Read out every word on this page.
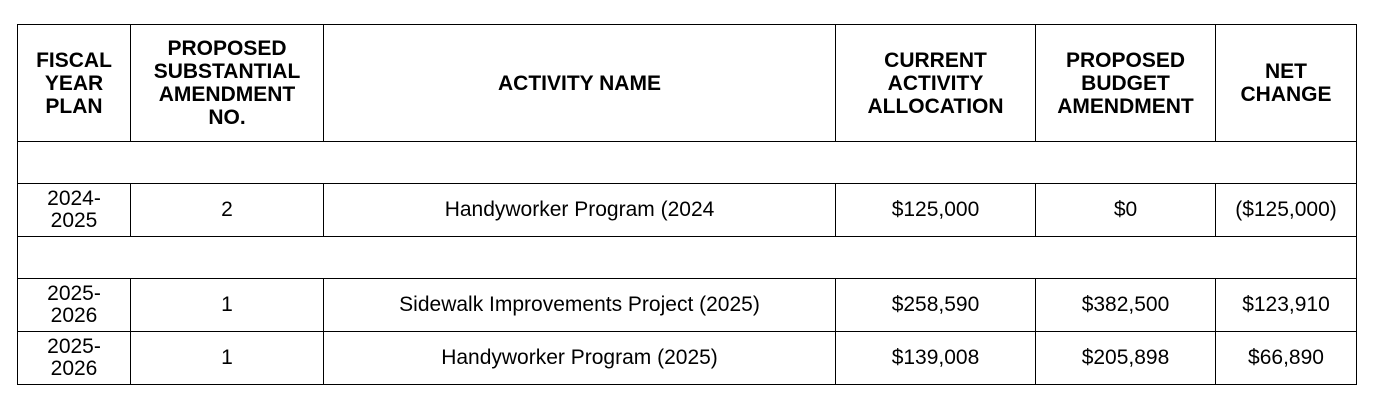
FISCAL YEAR PLAN	PROPOSED SUBSTANTIAL AMENDMENT NO.	ACTIVITY NAME	CURRENT ACTIVITY ALLOCATION	PROPOSED BUDGET AMENDMENT	NET CHANGE

2024-2025	2	Handyworker Program (2024	$125,000	$0	($125,000)

2025-2026	1	Sidewalk Improvements Project (2025)	$258,590	$382,500	$123,910
2025-2026	1	Handyworker Program (2025)	$139,008	$205,898	$66,890
